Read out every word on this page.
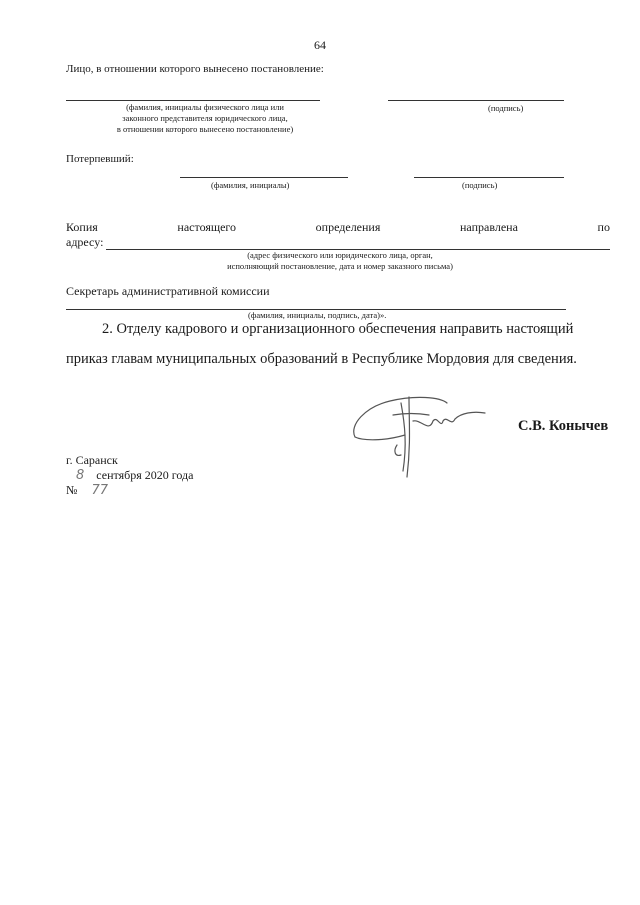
64
Лицо, в отношении которого вынесено постановление:
(фамилия, инициалы физического лица или
законного представителя юридического лица,
в отношении которого вынесено постановление)
(подпись)
Потерпевший:
(фамилия, инициалы)	(подпись)
Копия	настоящего	определения	направлена	по
адресу:
(адрес физического или юридического лица, орган,
исполняющий постановление, дата и номер заказного письма)
Секретарь административной комиссии
(фамилия, инициалы, подпись, дата)».
2. Отделу кадрового и организационного обеспечения направить настоящий
приказ главам муниципальных образований в Республике Мордовия для сведения.
С.В. Конычев
г. Саранск
8 сентября 2020 года
№ 77
